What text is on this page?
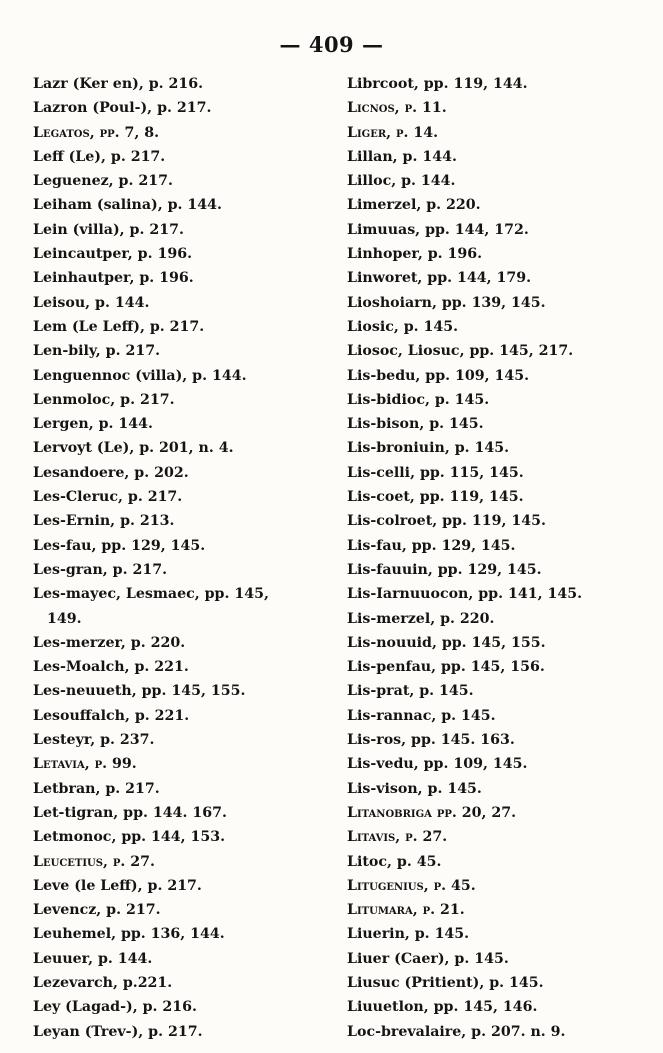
— 409 —
Lazr (Ker en), p. 216.
Lazron (Poul-), p. 217.
Legatos, pp. 7, 8.
Leff (Le), p. 217.
Leguenez, p. 217.
Leiham (salina), p. 144.
Lein (villa), p. 217.
Leincautper, p. 196.
Leinhautper, p. 196.
Leisou, p. 144.
Lem (Le Leff), p. 217.
Len-bily, p. 217.
Lenguennoc (villa), p. 144.
Lenmoloc, p. 217.
Lergen, p. 144.
Lervoyt (Le), p. 201, n. 4.
Lesandoere, p. 202.
Les-Cleruc, p. 217.
Les-Ernin, p. 213.
Les-fau, pp. 129, 145.
Les-gran, p. 217.
Les-mayec, Lesmaec, pp. 145,
149.
Les-merzer, p. 220.
Les-Moalch, p. 221.
Les-neuueth, pp. 145, 155.
Lesouffalch, p. 221.
Lesteyr, p. 237.
Letavia, p. 99.
Letbran, p. 217.
Let-tigran, pp. 144. 167.
Letmonoc, pp. 144, 153.
Leucetius, p. 27.
Leve (le Leff), p. 217.
Levencz, p. 217.
Leuhemel, pp. 136, 144.
Leuuer, p. 144.
Lezevarch, p.221.
Ley (Lagad-), p. 216.
Leyan (Trev-), p. 217.
Librcoot, pp. 119, 144.
Licnos, p. 11.
Liger, p. 14.
Lillan, p. 144.
Lilloc, p. 144.
Limerzel, p. 220.
Limuuas, pp. 144, 172.
Linhoper, p. 196.
Linworet, pp. 144, 179.
Lioshoiarn, pp. 139, 145.
Liosic, p. 145.
Liosoc, Liosuc, pp. 145, 217.
Lis-bedu, pp. 109, 145.
Lis-bidioc, p. 145.
Lis-bison, p. 145.
Lis-broniuin, p. 145.
Lis-celli, pp. 115, 145.
Lis-coet, pp. 119, 145.
Lis-colroet, pp. 119, 145.
Lis-fau, pp. 129, 145.
Lis-fauuin, pp. 129, 145.
Lis-Iarnuuocon, pp. 141, 145.
Lis-merzel, p. 220.
Lis-nouuid, pp. 145, 155.
Lis-penfau, pp. 145, 156.
Lis-prat, p. 145.
Lis-rannac, p. 145.
Lis-ros, pp. 145. 163.
Lis-vedu, pp. 109, 145.
Lis-vison, p. 145.
Litanobriga pp. 20, 27.
Litavis, p. 27.
Litoc, p. 45.
Litugenius, p. 45.
Litumara, p. 21.
Liuerin, p. 145.
Liuer (Caer), p. 145.
Liusuc (Pritient), p. 145.
Liuuetlon, pp. 145, 146.
Loc-brevalaire, p. 207. n. 9.
